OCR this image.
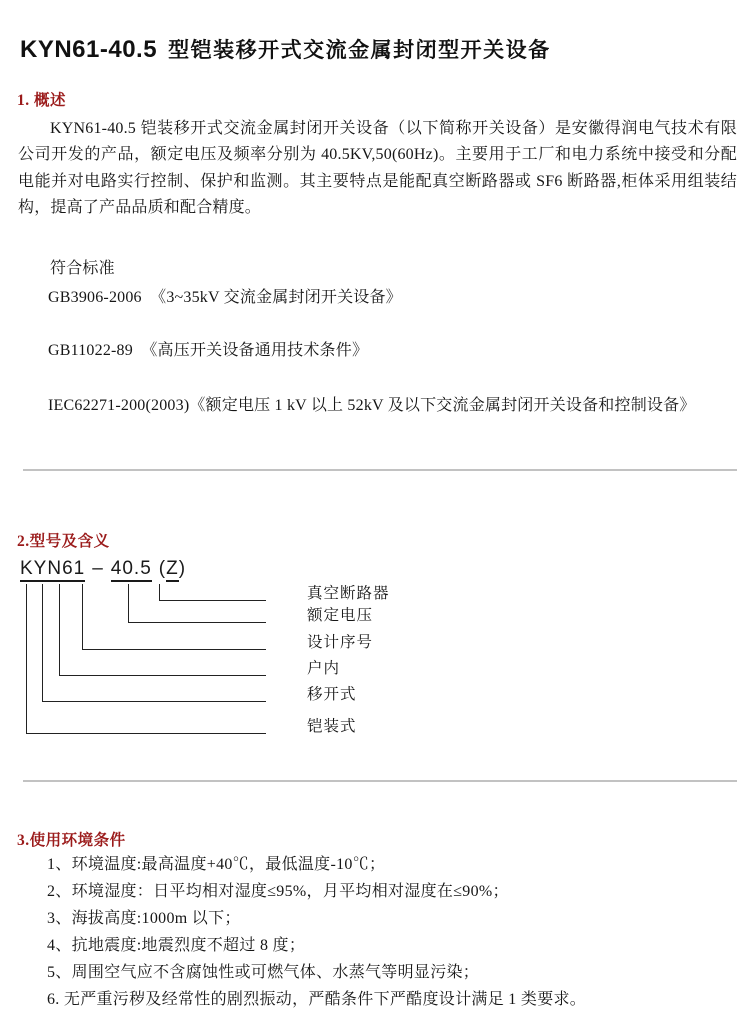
KYN61-40.5 型铠装移开式交流金属封闭型开关设备
1. 概述

KYN61-40.5 铠装移开式交流金属封闭开关设备（以下简称开关设备）是安徽得润电气技术有限公司开发的产品，额定电压及频率分别为 40.5KV,50(60Hz)。主要用于工厂和电力系统中接受和分配电能并对电路实行控制、保护和监测。其主要特点是能配真空断路器或 SF6 断路器,柜体采用组装结构，提高了产品品质和配合精度。

符合标准
GB3906-2006  《3~35kV 交流金属封闭开关设备》
GB11022-89  《高压开关设备通用技术条件》
IEC62271-200(2003)《额定电压 1 kV 以上 52kV 及以下交流金属封闭开关设备和控制设备》
2.型号及含义
KYN61 – 40.5 (Z)
真空断路器
额定电压
设计序号
户内
移开式
铠装式
3.使用环境条件
1、环境温度:最高温度+40℃，最低温度-10℃；
2、环境湿度：日平均相对湿度≤95%，月平均相对湿度在≤90%；
3、海拔高度:1000m 以下；
4、抗地震度:地震烈度不超过 8 度；
5、周围空气应不含腐蚀性或可燃气体、水蒸气等明显污染；
6. 无严重污秽及经常性的剧烈振动，严酷条件下严酷度设计满足 1 类要求。
